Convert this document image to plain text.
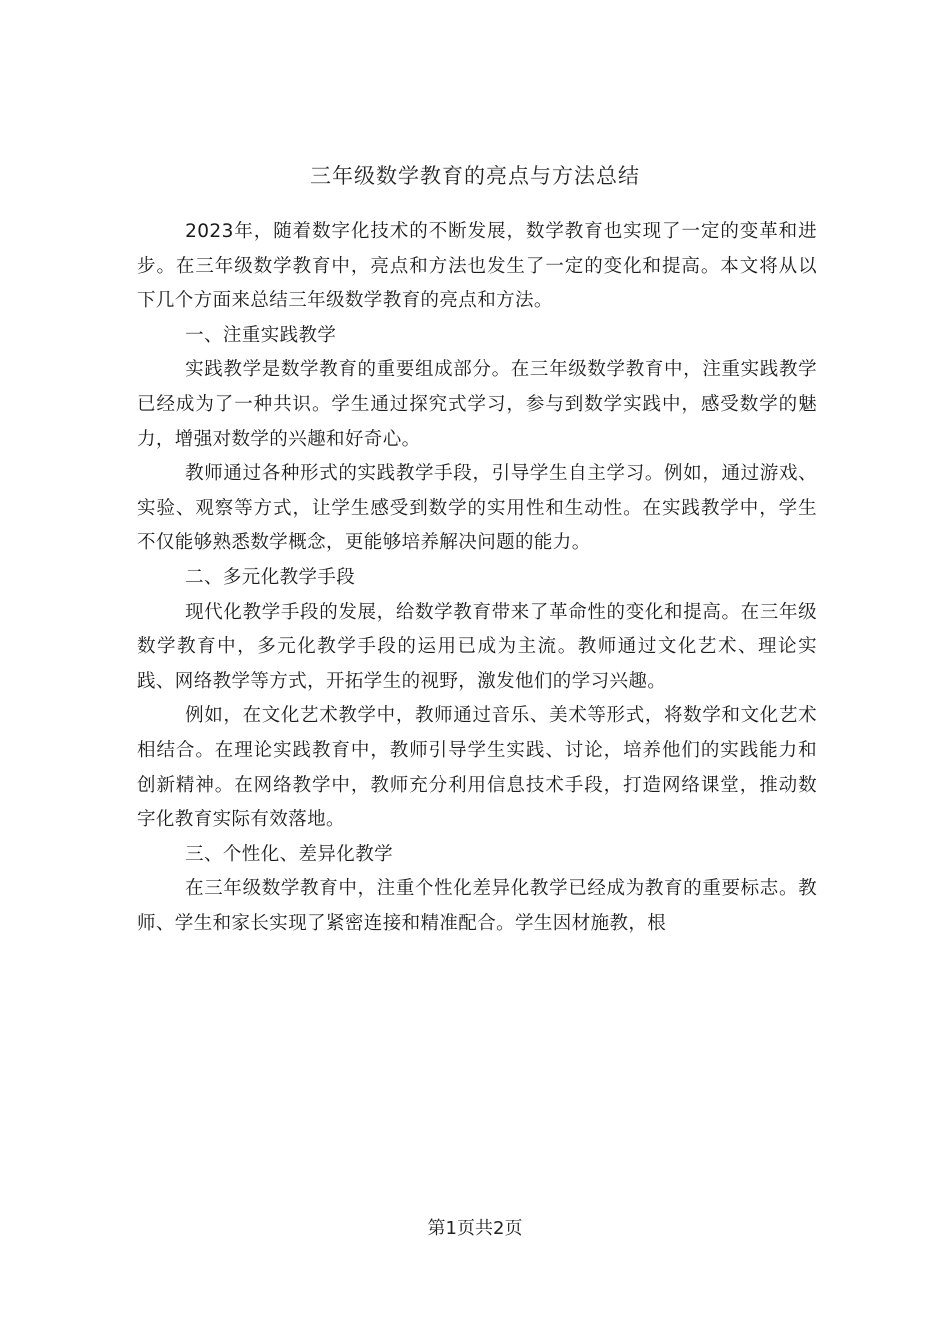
三年级数学教育的亮点与方法总结

2023年，随着数字化技术的不断发展，数学教育也实现了一定的变革和进步。在三年级数学教育中，亮点和方法也发生了一定的变化和提高。本文将从以下几个方面来总结三年级数学教育的亮点和方法。

一、注重实践教学

实践教学是数学教育的重要组成部分。在三年级数学教育中，注重实践教学已经成为了一种共识。学生通过探究式学习，参与到数学实践中，感受数学的魅力，增强对数学的兴趣和好奇心。

教师通过各种形式的实践教学手段，引导学生自主学习。例如，通过游戏、实验、观察等方式，让学生感受到数学的实用性和生动性。在实践教学中，学生不仅能够熟悉数学概念，更能够培养解决问题的能力。

二、多元化教学手段

现代化教学手段的发展，给数学教育带来了革命性的变化和提高。在三年级数学教育中，多元化教学手段的运用已成为主流。教师通过文化艺术、理论实践、网络教学等方式，开拓学生的视野，激发他们的学习兴趣。

例如，在文化艺术教学中，教师通过音乐、美术等形式，将数学和文化艺术相结合。在理论实践教育中，教师引导学生实践、讨论，培养他们的实践能力和创新精神。在网络教学中，教师充分利用信息技术手段，打造网络课堂，推动数字化教育实际有效落地。

三、个性化、差异化教学

在三年级数学教育中，注重个性化差异化教学已经成为教育的重要标志。教师、学生和家长实现了紧密连接和精准配合。学生因材施教，根

第1页共2页
